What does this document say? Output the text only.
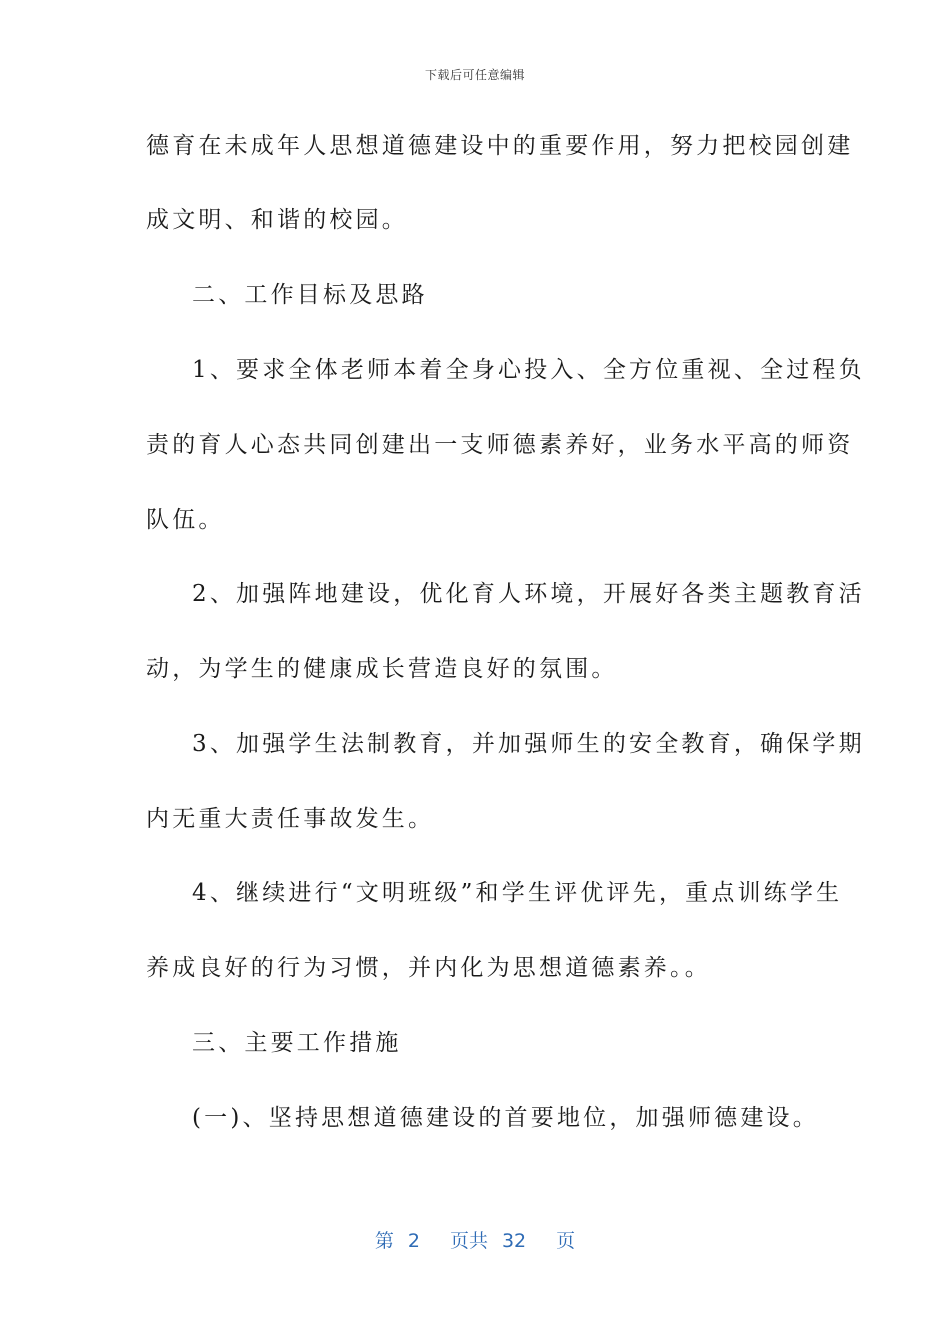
下载后可任意编辑
德育在未成年人思想道德建设中的重要作用，努力把校园创建
成文明、和谐的校园。
二、工作目标及思路
1、要求全体老师本着全身心投入、全方位重视、全过程负
责的育人心态共同创建出一支师德素养好，业务水平高的师资
队伍。
2、加强阵地建设，优化育人环境，开展好各类主题教育活
动，为学生的健康成长营造良好的氛围。
3、加强学生法制教育，并加强师生的安全教育，确保学期
内无重大责任事故发生。
4、继续进行“文明班级”和学生评优评先，重点训练学生
养成良好的行为习惯，并内化为思想道德素养。。
三、主要工作措施
(一)、坚持思想道德建设的首要地位，加强师德建设。
第 2 页共 32 页
